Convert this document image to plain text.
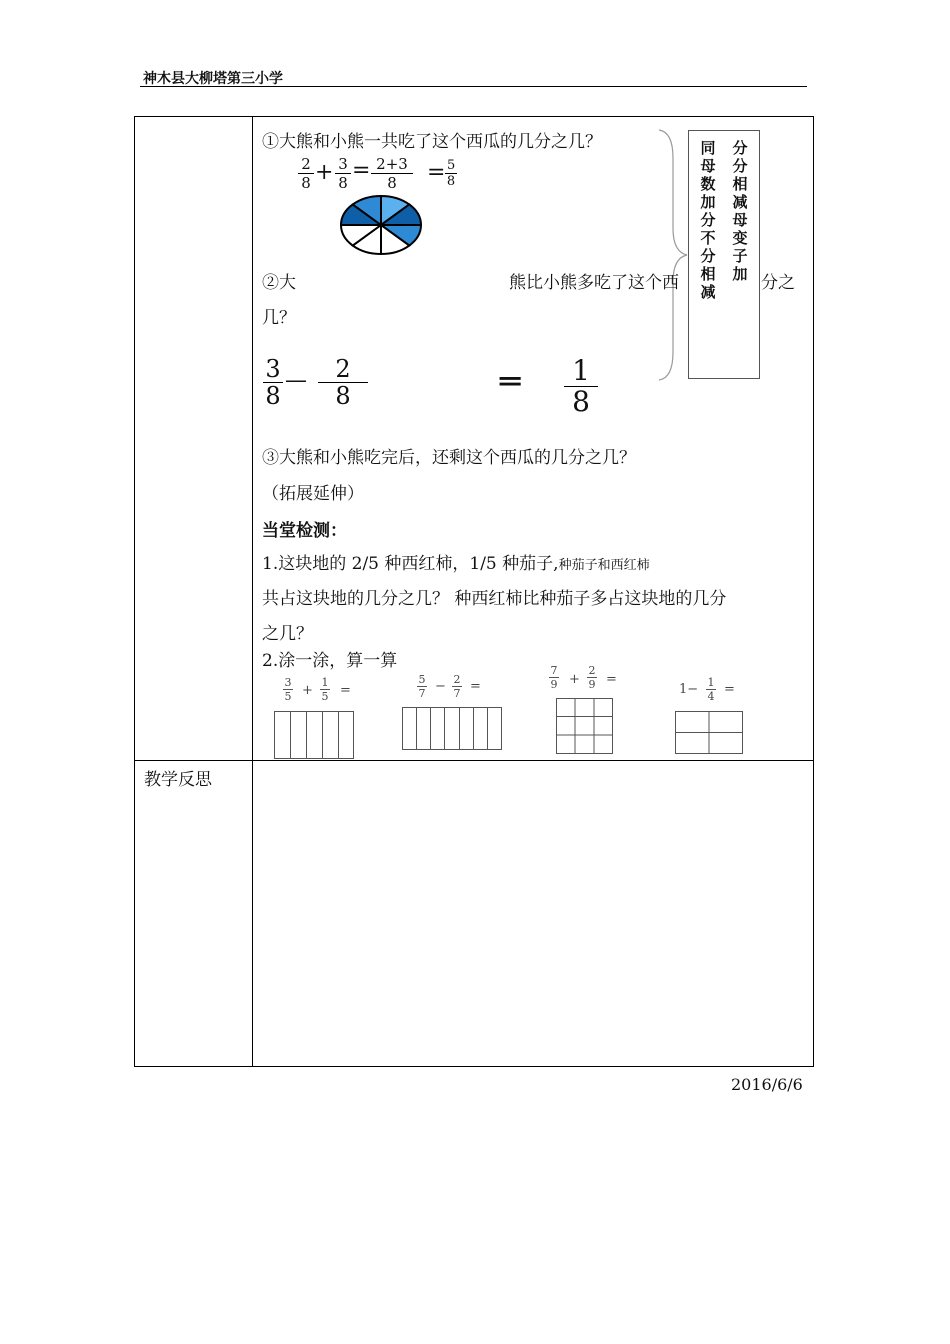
神木县大柳塔第三小学
①大熊和小熊一共吃了这个西瓜的几分之几？
$\frac{2}{8} + \frac{3}{8} = \frac{2+3}{8} = \frac{5}{8}$
同母数加分不分相减
分分相减母变子加
②大	熊比小熊多吃了这个西	分之
几？
$\frac{3}{8}$ — $\frac{2}{8}$	═ $\frac{1}{8}$
③大熊和小熊吃完后，还剩这个西瓜的几分之几？
（拓展延伸）
当堂检测：
1.这块地的 2/5 种西红柿，1/5 种茄子,种茄子和西红柿
共占这块地的几分之几？ 种西红柿比种茄子多占这块地的几分
之几？
2.涂一涂，算一算
3
5 +
1
5 =
5
7 − 2
7 =
7
9 +
2
9 =
1− 1
4 =
教学反思
2016/6/6
